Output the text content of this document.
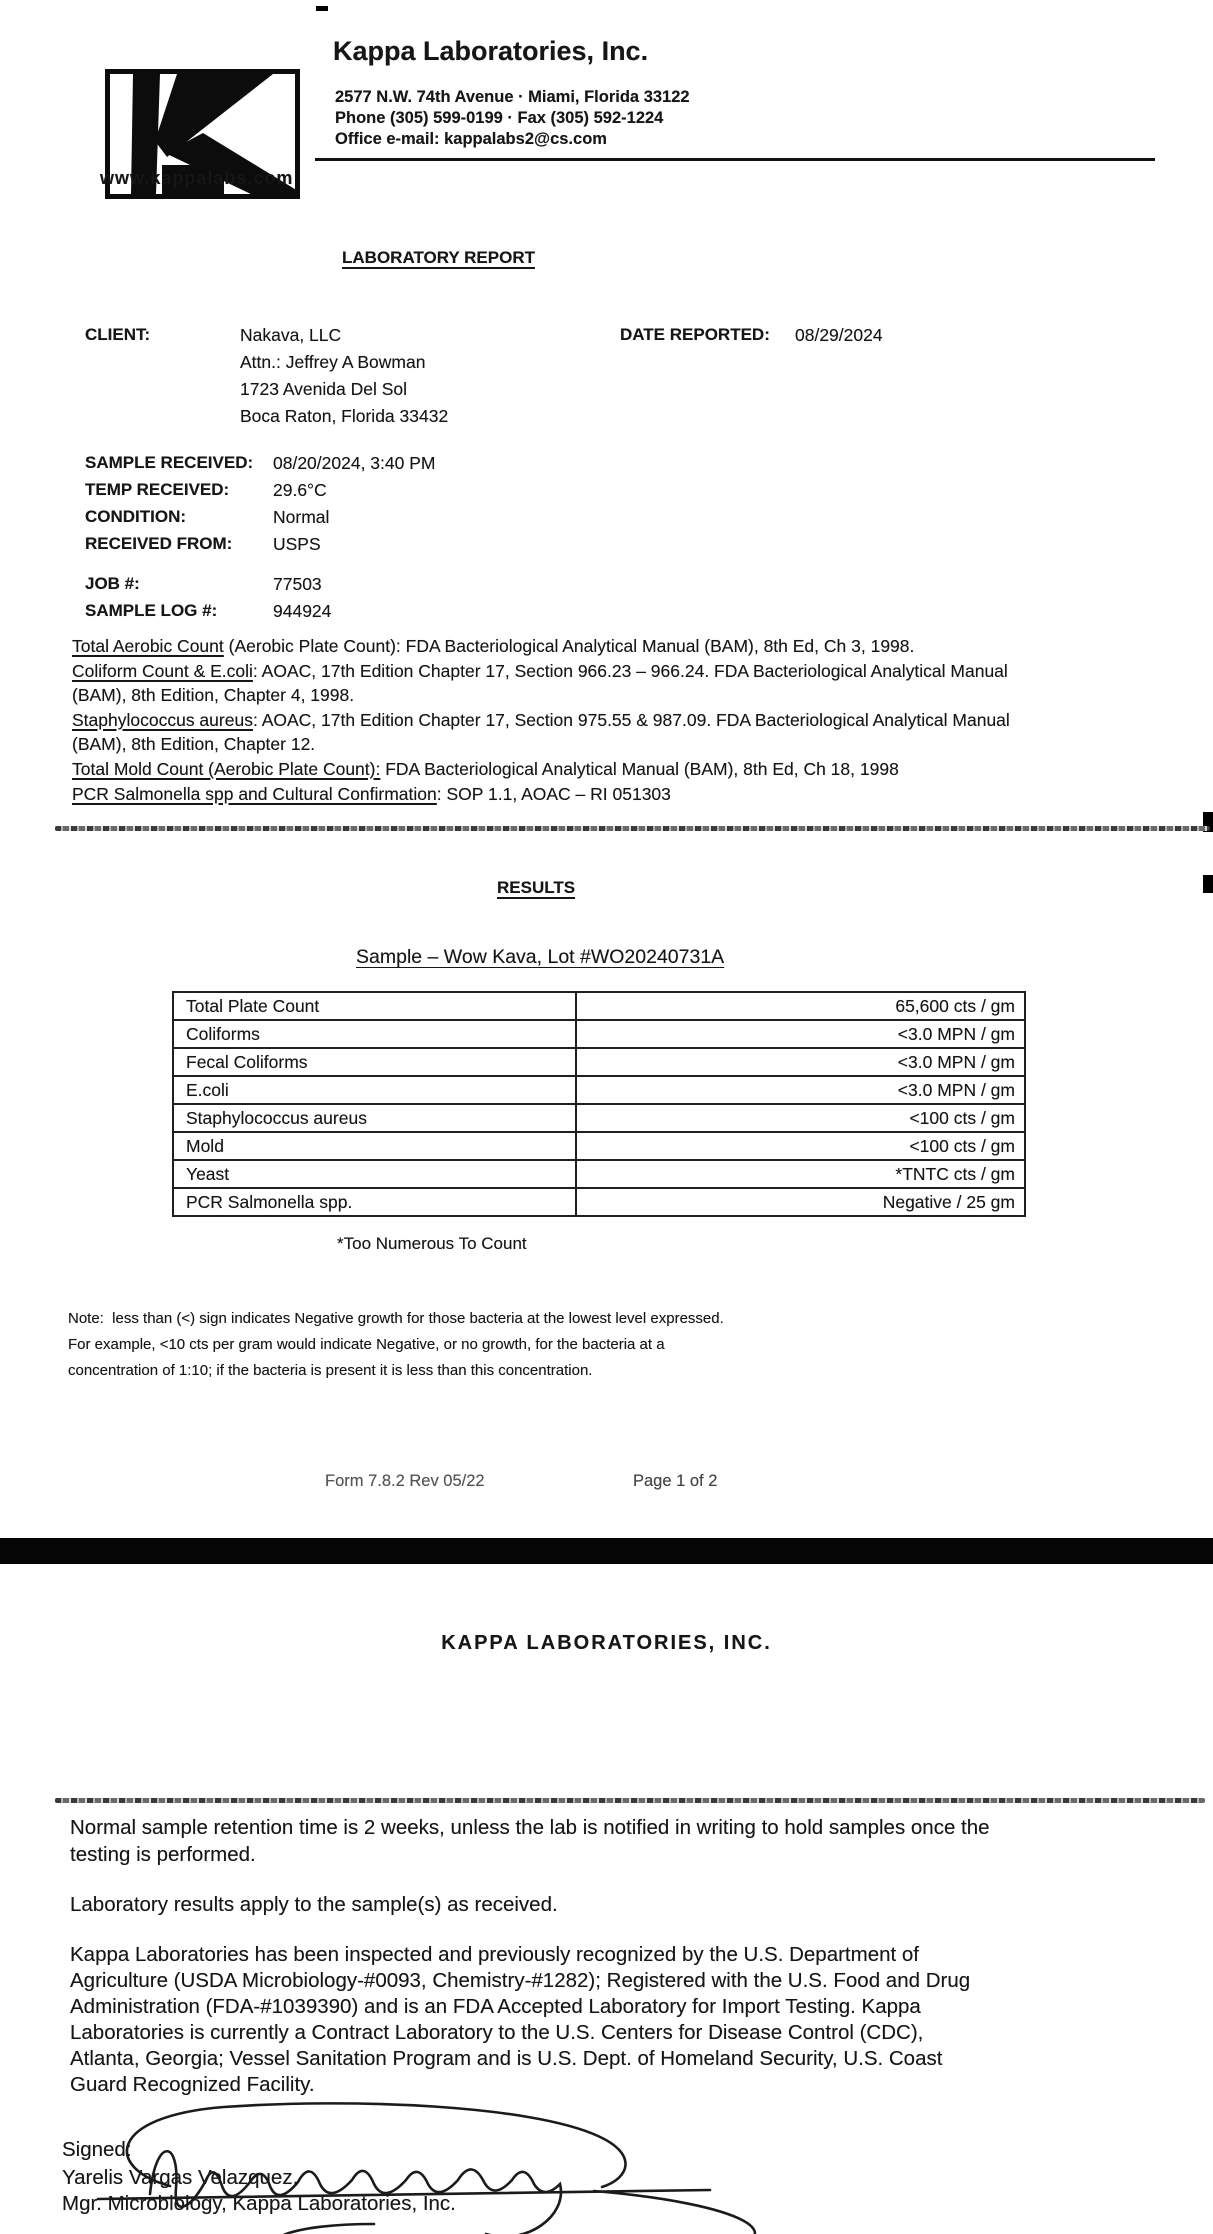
www.kappalabs.com
Kappa Laboratories, Inc.
2577 N.W. 74th Avenue · Miami, Florida 33122
Phone (305) 599-0199 · Fax (305) 592-1224
Office e-mail: kappalabs2@cs.com
LABORATORY REPORT
CLIENT:	Nakava, LLC
Attn.: Jeffrey A Bowman
1723 Avenida Del Sol
Boca Raton, Florida 33432
DATE REPORTED: 08/29/2024
SAMPLE RECEIVED: 08/20/2024, 3:40 PM
TEMP RECEIVED:	29.6°C
CONDITION:	Normal
RECEIVED FROM: USPS
JOB #:	77503
SAMPLE LOG #:	944924
Total Aerobic Count (Aerobic Plate Count): FDA Bacteriological Analytical Manual (BAM), 8th Ed, Ch 3, 1998.
Coliform Count & E.coli: AOAC, 17th Edition Chapter 17, Section 966.23 – 966.24. FDA Bacteriological Analytical Manual (BAM), 8th Edition, Chapter 4, 1998.
Staphylococcus aureus: AOAC, 17th Edition Chapter 17, Section 975.55 & 987.09. FDA Bacteriological Analytical Manual (BAM), 8th Edition, Chapter 12.
Total Mold Count (Aerobic Plate Count): FDA Bacteriological Analytical Manual (BAM), 8th Ed, Ch 18, 1998
PCR Salmonella spp and Cultural Confirmation: SOP 1.1, AOAC – RI 051303
RESULTS
Sample – Wow Kava, Lot #WO20240731A
Total Plate Count	65,600 cts / gm
Coliforms	<3.0 MPN / gm
Fecal Coliforms	<3.0 MPN / gm
E.coli	<3.0 MPN / gm
Staphylococcus aureus	<100 cts / gm
Mold	<100 cts / gm
Yeast	*TNTC cts / gm
PCR Salmonella spp.	Negative / 25 gm
*Too Numerous To Count
Note:  less than (<) sign indicates Negative growth for those bacteria at the lowest level expressed.
For example, <10 cts per gram would indicate Negative, or no growth, for the bacteria at a
concentration of 1:10; if the bacteria is present it is less than this concentration.
Form 7.8.2 Rev 05/22	Page 1 of 2
KAPPA LABORATORIES, INC.
Normal sample retention time is 2 weeks, unless the lab is notified in writing to hold samples once the
testing is performed.
Laboratory results apply to the sample(s) as received.
Kappa Laboratories has been inspected and previously recognized by the U.S. Department of
Agriculture (USDA Microbiology-#0093, Chemistry-#1282); Registered with the U.S. Food and Drug
Administration (FDA-#1039390) and is an FDA Accepted Laboratory for Import Testing. Kappa
Laboratories is currently a Contract Laboratory to the U.S. Centers for Disease Control (CDC),
Atlanta, Georgia; Vessel Sanitation Program and is U.S. Dept. of Homeland Security, U.S. Coast
Guard Recognized Facility.
Signed:
Yarelis Vargas Velazquez.
Mgr. Microbiology, Kappa Laboratories, Inc.
